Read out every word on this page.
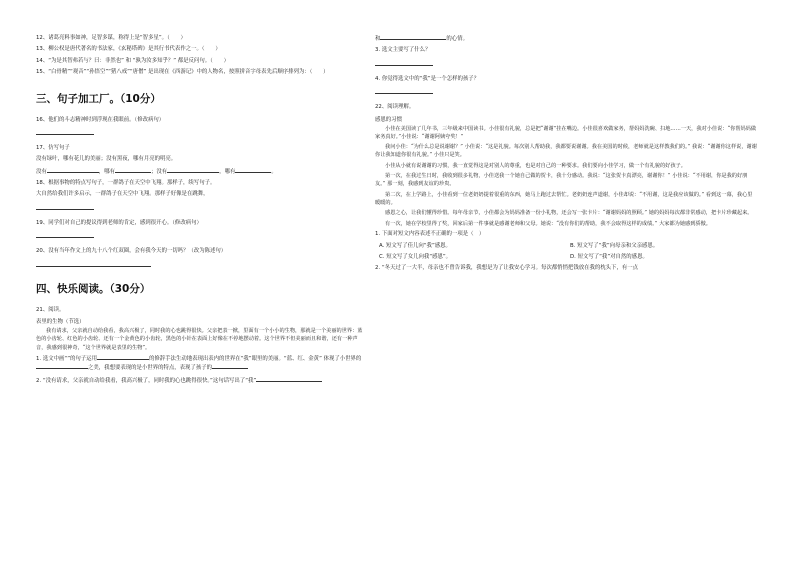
12、诸葛亮料事如神，足智多谋，称得上是“智多星”。（　　）

13、柳公权是唐代著名的书法家，《玄秘塔碑》是其行书代表作之一。（　　）

14、“为是其智弗若与？曰：非然也” 和 “孰为汝多知乎？” 都是反问句。（　　）

15、“白骨精”“观音”“孙悟空”“猪八戒”“唐僧” 是出现在《西游记》中的人物名，按照拼音字母表先后顺序排列为：（　　）

三、句子加工厂。（10分）

16、他们的斗志精神时到浮现在我眼前。（修改病句）

17、仿写句子

没有绿叶，哪有花儿的美丽；没有黑夜，哪有月亮的明亮。

没有	，哪有	；没有	，哪有	。

18、根据事物的特点写句子，一群鸽子在天空中飞翔。那样子，续写句子。

大自然给我们许多启示，一群鸽子在天空中飞翔。那样子好像是在跳舞，

19、同学们对自己的提议得到老师的肯定，感到很开心。（修改病句）

20、没有当年作文上的九十八个红双圈，会有我今天的一切吗？（改为陈述句）

四、快乐阅读。（30分）

21、阅读。

表里的生物（节选）

我有请求，父亲就自动给我看，我高兴极了，同时我的心也跳得很快。父亲把表一掀，里面有一个小小的生物，那就是一个美丽的世界：蓝色的小齿轮、红色的小齿轮、还有一个金黄色的小齿轮，黑色的小针在表面上好像在不停地摆动着。这个世界不但美丽而且和谐，还有一种声音，我感到很神奇，“这个世界就是表里的生物”。

1. 选文中画“”的句子运用	的修辞手法生动地表现出表内的世界在“我”眼里的美丽。“蓝、红、金黄” 体现了小世界的之美，我想要表现的是小世界的特点，表现了孩子的

2. “没有请求，父亲就自动给我看，我高兴极了，同时我的心也跳得很快。”这句话写出了“我”

和	的心情。

3. 选文主要写了什么？

4. 你觉得选文中的“我”是一个怎样的孩子？

22、阅读理解。

感恩的习惯

小佳在美国读了几年书，三年级来中国读书。小佳很有礼貌，总是把“谢谢”挂在嘴边。小佳很喜欢做家务，帮妈妈洗碗、扫地……一天，我对小佳说：“你帮妈妈做家务真好。”小佳说：“谢谢阿姨夸奖！”

我问小佳：“为什么总是说谢谢？” 小佳说：“这是礼貌。每次别人帮助我，我都要说谢谢。我在美国的时候，老师就是这样教我们的。” 我说：“谢谢你这样说，谢谢你让我知道你很有礼貌。” 小佳只是笑。

小佳从小就有说谢谢的习惯，我一直觉得这是对别人的尊重，也是对自己的一种要求。我们要向小佳学习，做一个有礼貌的好孩子。

第一次，在我过生日时，我收到很多礼物，小佳送我一个她自己做的贺卡，我十分感动。我说：“这张贺卡真漂亮，谢谢你！” 小佳说：“不用谢，你是我的好朋友。” 那一刻，我感到友谊的珍贵。

第二次，在上学路上，小佳看到一位老奶奶提着很重的东西，她马上跑过去帮忙。老奶奶连声道谢，小佳却说：“不用谢，这是我应该做的。” 看到这一幕，我心里暖暖的。

感恩之心，让我们懂得珍惜。每年母亲节，小佳都会为妈妈准备一份小礼物，还会写一张卡片：“谢谢妈妈的照顾。” 她的妈妈每次都非常感动，把卡片珍藏起来。

有一次，她在学校里得了奖，回家后第一件事就是感谢老师和父母。她说：“没有你们的帮助，我不会取得这样的成绩。” 大家都为她感到骄傲。

1. 下面对短文内容表述不正确的一项是（　）

A. 短文写了佳儿向“我”感恩。	B. 短文写了“我”向母亲和父亲感恩。
C. 短文写了女儿向我“感恩”。	D. 短文写了“我”对自然的感恩。

2. “冬天过了一大半，母亲也不曾告诉我，我想是为了让我安心学习。每次都悄悄把钱放在我的枕头下，有一点
